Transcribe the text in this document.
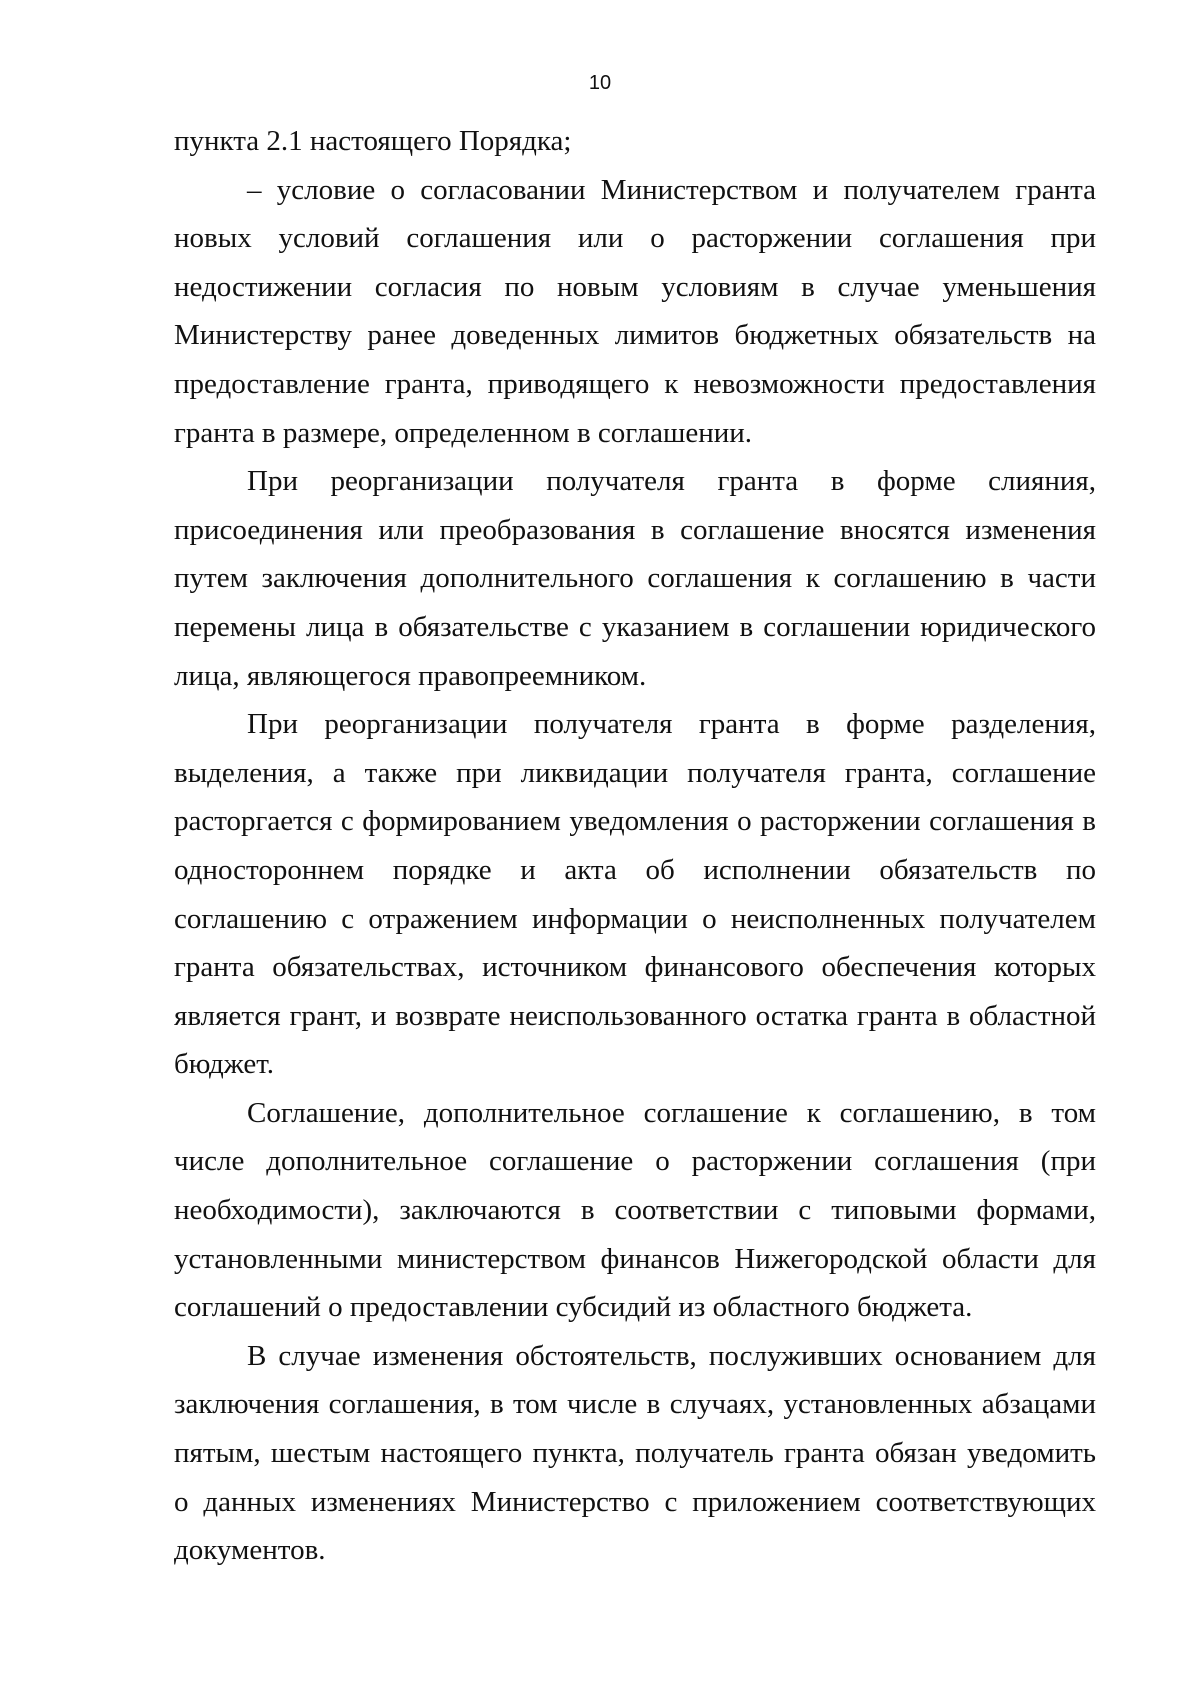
10

пункта 2.1 настоящего Порядка;

– условие о согласовании Министерством и получателем гранта новых условий соглашения или о расторжении соглашения при недостижении согласия по новым условиям в случае уменьшения Министерству ранее доведенных лимитов бюджетных обязательств на предоставление гранта, приводящего к невозможности предоставления гранта в размере, определенном в соглашении.

При реорганизации получателя гранта в форме слияния, присоединения или преобразования в соглашение вносятся изменения путем заключения дополнительного соглашения к соглашению в части перемены лица в обязательстве с указанием в соглашении юридического лица, являющегося правопреемником.

При реорганизации получателя гранта в форме разделения, выделения, а также при ликвидации получателя гранта, соглашение расторгается с формированием уведомления о расторжении соглашения в одностороннем порядке и акта об исполнении обязательств по соглашению с отражением информации о неисполненных получателем гранта обязательствах, источником финансового обеспечения которых является грант, и возврате неиспользованного остатка гранта в областной бюджет.

Соглашение, дополнительное соглашение к соглашению, в том числе дополнительное соглашение о расторжении соглашения (при необходимости), заключаются в соответствии с типовыми формами, установленными министерством финансов Нижегородской области для соглашений о предоставлении субсидий из областного бюджета.

В случае изменения обстоятельств, послуживших основанием для заключения соглашения, в том числе в случаях, установленных абзацами пятым, шестым настоящего пункта, получатель гранта обязан уведомить о данных изменениях Министерство с приложением соответствующих документов.
